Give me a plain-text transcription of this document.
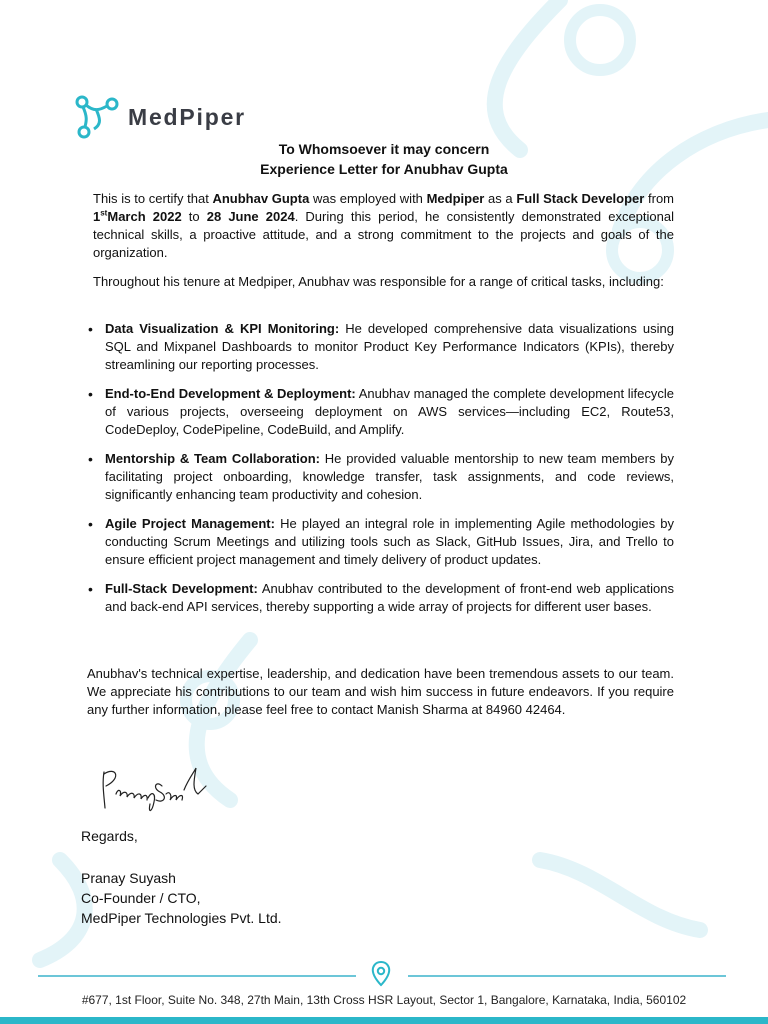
MedPiper
To Whomsoever it may concern
Experience Letter for Anubhav Gupta

This is to certify that Anubhav Gupta was employed with Medpiper as a Full Stack Developer from 1stMarch 2022 to 28 June 2024. During this period, he consistently demonstrated exceptional technical skills, a proactive attitude, and a strong commitment to the projects and goals of the organization.

Throughout his tenure at Medpiper, Anubhav was responsible for a range of critical tasks, including:

• Data Visualization & KPI Monitoring: He developed comprehensive data visualizations using SQL and Mixpanel Dashboards to monitor Product Key Performance Indicators (KPIs), thereby streamlining our reporting processes.
• End-to-End Development & Deployment: Anubhav managed the complete development lifecycle of various projects, overseeing deployment on AWS services—including EC2, Route53, CodeDeploy, CodePipeline, CodeBuild, and Amplify.
• Mentorship & Team Collaboration: He provided valuable mentorship to new team members by facilitating project onboarding, knowledge transfer, task assignments, and code reviews, significantly enhancing team productivity and cohesion.
• Agile Project Management: He played an integral role in implementing Agile methodologies by conducting Scrum Meetings and utilizing tools such as Slack, GitHub Issues, Jira, and Trello to ensure efficient project management and timely delivery of product updates.
• Full-Stack Development: Anubhav contributed to the development of front-end web applications and back-end API services, thereby supporting a wide array of projects for different user bases.

Anubhav's technical expertise, leadership, and dedication have been tremendous assets to our team. We appreciate his contributions to our team and wish him success in future endeavors. If you require any further information, please feel free to contact Manish Sharma at 84960 42464.

Regards,
Pranay Suyash
Co-Founder / CTO,
MedPiper Technologies Pvt. Ltd.
#677, 1st Floor, Suite No. 348, 27th Main, 13th Cross HSR Layout, Sector 1, Bangalore, Karnataka, India, 560102
